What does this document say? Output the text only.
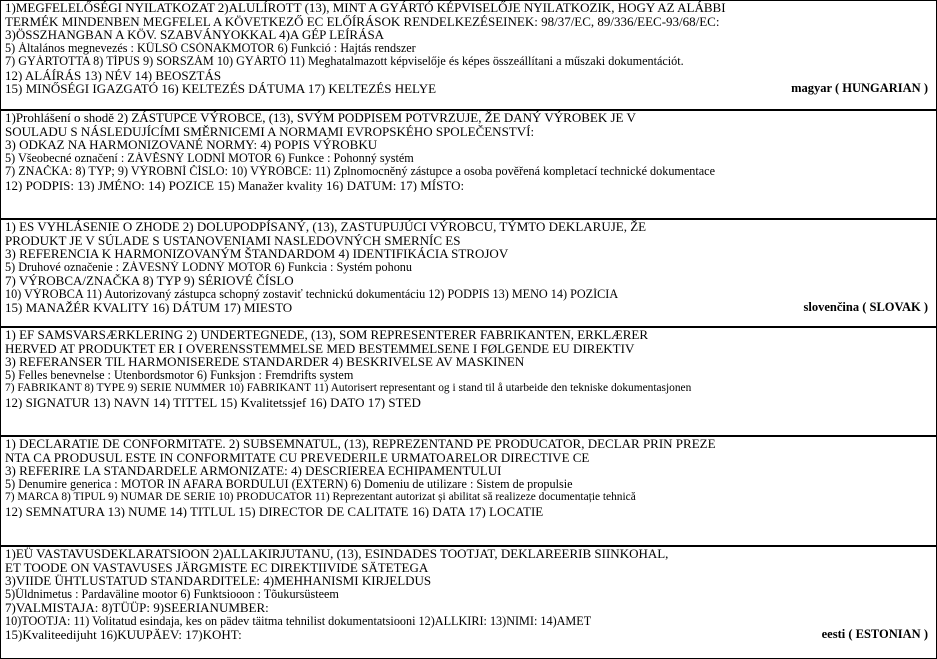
1)MEGFELELŐSÉGI NYILATKOZAT 2)ALULÍROTT (13), MINT A GYÁRTÓ KÉPVISELŐJE NYILATKOZIK, HOGY AZ ALÁBBI
TERMÉK MINDENBEN MEGFELEL A KÖVETKEZŐ EC ELŐÍRÁSOK RENDELKEZÉSEINEK: 98/37/EC, 89/336/EEC-93/68/EC:
3)ÖSSZHANGBAN A KÖV. SZABVÁNYOKKAL 4)A GÉP LEÍRÁSA
5) Általános megnevezés : KÜLSŐ CSÓNAKMOTOR 6) Funkció : Hajtás rendszer
7) GYÁRTOTTA 8) TÍPUS 9) SORSZÁM 10) GYÁRTÓ 11) Meghatalmazott képviselője és képes összeállítani a műszaki dokumentációt.
12) ALÁÍRÁS 13) NÉV 14) BEOSZTÁS
15) MINŐSÉGI IGAZGATÓ 16) KELTEZÉS DÁTUMA 17) KELTEZÉS HELYE	magyar ( HUNGARIAN )
1)Prohlášení o shodě 2) ZÁSTUPCE VÝROBCE, (13), SVÝM PODPISEM POTVRZUJE, ŽE DANÝ VÝROBEK JE V
SOULADU S NÁSLEDUJÍCÍMI SMĚRNICEMI A NORMAMI EVROPSKÉHO SPOLEČENSTVÍ:
3) ODKAZ NA HARMONIZOVANÉ NORMY: 4) POPIS VÝROBKU
5) Všeobecné označení : ZÁVĚSNÝ LODNÍ MOTOR 6) Funkce : Pohonný systém
7) ZNAČKA: 8) TYP; 9) VÝROBNÍ ČÍSLO: 10) VÝROBCE: 11) Zplnomocněný zástupce a osoba pověřená kompletací technické dokumentace
12) PODPIS: 13) JMÉNO: 14) POZICE 15) Manažer kvality 16) DATUM: 17) MÍSTO:
1) ES VYHLÁSENIE O ZHODE 2) DOLUPODPÍSANÝ, (13), ZASTUPUJÚCI VÝROBCU, TÝMTO DEKLARUJE, ŽE
PRODUKT JE V SÚLADE S USTANOVENIAMI NASLEDOVNÝCH SMERNÍC ES
3) REFERENCIA K HARMONIZOVANÝM ŠTANDARDOM 4) IDENTIFIKÁCIA STROJOV
5) Druhové označenie : ZÁVESNÝ LODNÝ MOTOR 6) Funkcia : Systém pohonu
7) VÝROBCA/ZNAČKA 8) TYP 9) SÉRIOVÉ ČÍSLO
10) VÝROBCA 11) Autorizovaný zástupca schopný zostaviť technickú dokumentáciu 12) PODPIS 13) MENO 14) POZÍCIA
15) MANAŽÉR KVALITY 16) DÁTUM 17) MIESTO	slovenčina ( SLOVAK )
1) EF SAMSVARSÆRKLERING 2) UNDERTEGNEDE, (13), SOM REPRESENTERER FABRIKANTEN, ERKLÆRER
HERVED AT PRODUKTET ER I OVERENSSTEMMELSE MED BESTEMMELSENE I FØLGENDE EU DIREKTIV
3) REFERANSER TIL HARMONISEREDE STANDARDER 4) BESKRIVELSE AV MASKINEN
5) Felles benevnelse : Utenbordsmotor 6) Funksjon : Fremdrifts system
7) FABRIKANT 8) TYPE 9) SERIE NUMMER 10) FABRIKANT 11) Autorisert representant og i stand til å utarbeide den tekniske dokumentasjonen
12) SIGNATUR 13) NAVN 14) TITTEL 15) Kvalitetssjef 16) DATO 17) STED
1) DECLARATIE DE CONFORMITATE. 2) SUBSEMNATUL, (13), REPREZENTAND PE PRODUCATOR, DECLAR PRIN PREZE
NTA CA PRODUSUL ESTE IN CONFORMITATE CU PREVEDERILE URMATOARELOR DIRECTIVE CE
3) REFERIRE LA STANDARDELE ARMONIZATE: 4) DESCRIEREA ECHIPAMENTULUI
5) Denumire generica : MOTOR IN AFARA BORDULUI (EXTERN) 6) Domeniu de utilizare : Sistem de propulsie
7) MARCA 8) TIPUL 9) NUMAR DE SERIE 10) PRODUCATOR 11) Reprezentant autorizat și abilitat să realizeze documentație tehnică
12) SEMNATURA 13) NUME 14) TITLUL 15) DIRECTOR DE CALITATE 16) DATA 17) LOCATIE
1)EÜ VASTAVUSDEKLARATSIOON 2)ALLAKIRJUTANU, (13), ESINDADES TOOTJAT, DEKLAREERIB SIINKOHAL,
ET TOODE ON VASTAVUSES JÄRGMISTE EC DIREKTIIVIDE SÄTETEGA
3)VIIDE ÜHTLUSTATUD STANDARDITELE: 4)MEHHANISMI KIRJELDUS
5)Üldnimetus : Pardaväline mootor 6) Funktsiooon : Tõukursüsteem
7)VALMISTAJA: 8)TÜÜP: 9)SEERIANUMBER:
10)TOOTJA: 11) Volitatud esindaja, kes on pädev täitma tehnilist dokumentatsiooni 12)ALLKIRI: 13)NIMI: 14)AMET
15)Kvaliteedijuht 16)KUUPÄEV: 17)KOHT:	eesti ( ESTONIAN )
